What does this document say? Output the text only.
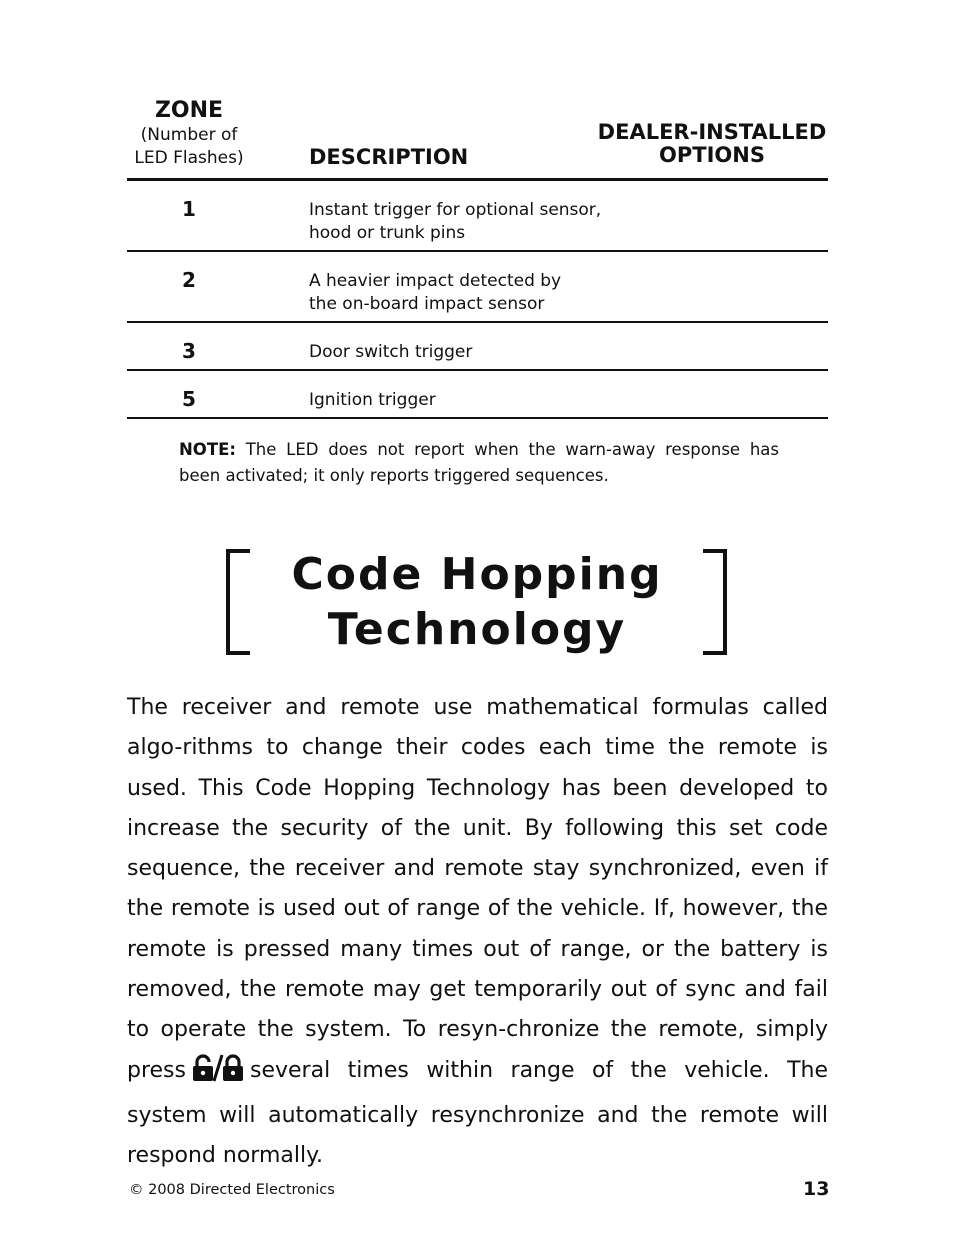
ZONE
(Number of
LED Flashes)	DESCRIPTION
DEALER-INSTALLED
OPTIONS
1	Instant trigger for optional sensor,
hood or trunk pins
2	A heavier impact detected by
the on-board impact sensor
3	Door switch trigger
5	Ignition trigger
NOTE: The LED does not report when the warn-away response has been activated; it only reports triggered sequences.
Code Hopping
Technology
The receiver and remote use mathematical formulas called algo-rithms to change their codes each time the remote is used. This Code Hopping Technology has been developed to increase the security of the unit. By following this set code sequence, the receiver and remote stay synchronized, even if the remote is used out of range of the vehicle. If, however, the remote is pressed many times out of range, or the battery is removed, the remote may get temporarily out of sync and fail to operate the system. To resyn-chronize the remote, simply press	several times within range of the vehicle. The system will automatically resynchronize and the remote will respond normally.
© 2008 Directed Electronics	13
